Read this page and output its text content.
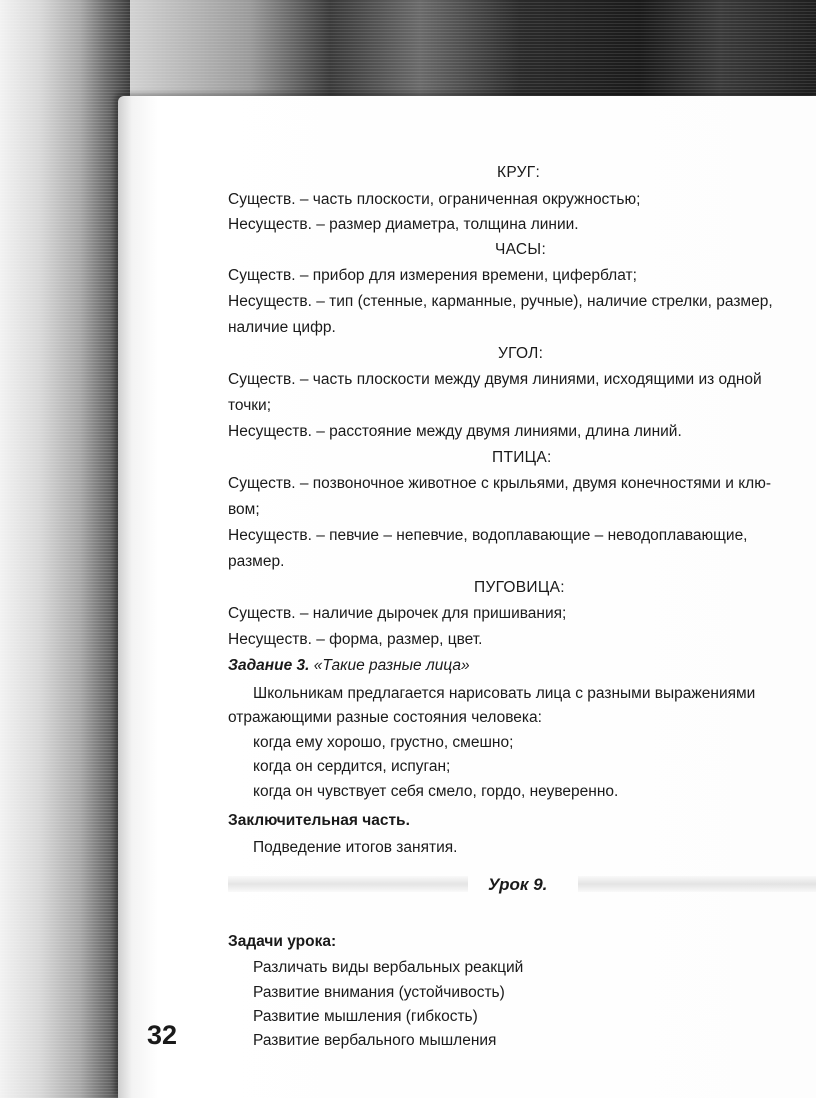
КРУГ:
Существ. – часть плоскости, ограниченная окружностью;
Несуществ. – размер диаметра, толщина линии.
ЧАСЫ:
Существ. – прибор для измерения времени, циферблат;
Несуществ. – тип (стенные, карманные, ручные), наличие стрелки, размер,
наличие цифр.
УГОЛ:
Существ. – часть плоскости между двумя линиями, исходящими из одной
точки;
Несуществ. – расстояние между двумя линиями, длина линий.
ПТИЦА:
Существ. – позвоночное животное с крыльями, двумя конечностями и клю-
вом;
Несуществ. – певчие – непевчие, водоплавающие – неводоплавающие,
размер.
ПУГОВИЦА:
Существ. – наличие дырочек для пришивания;
Несуществ. – форма, размер, цвет.
Задание 3. «Такие разные лица»
Школьникам предлагается нарисовать лица с разными выражениями
отражающими разные состояния человека:
когда ему хорошо, грустно, смешно;
когда он сердится, испуган;
когда он чувствует себя смело, гордо, неуверенно.
Заключительная часть.
Подведение итогов занятия.
Урок 9.
Задачи урока:
Различать виды вербальных реакций
Развитие внимания (устойчивость)
Развитие мышления (гибкость)
Развитие вербального мышления
32
